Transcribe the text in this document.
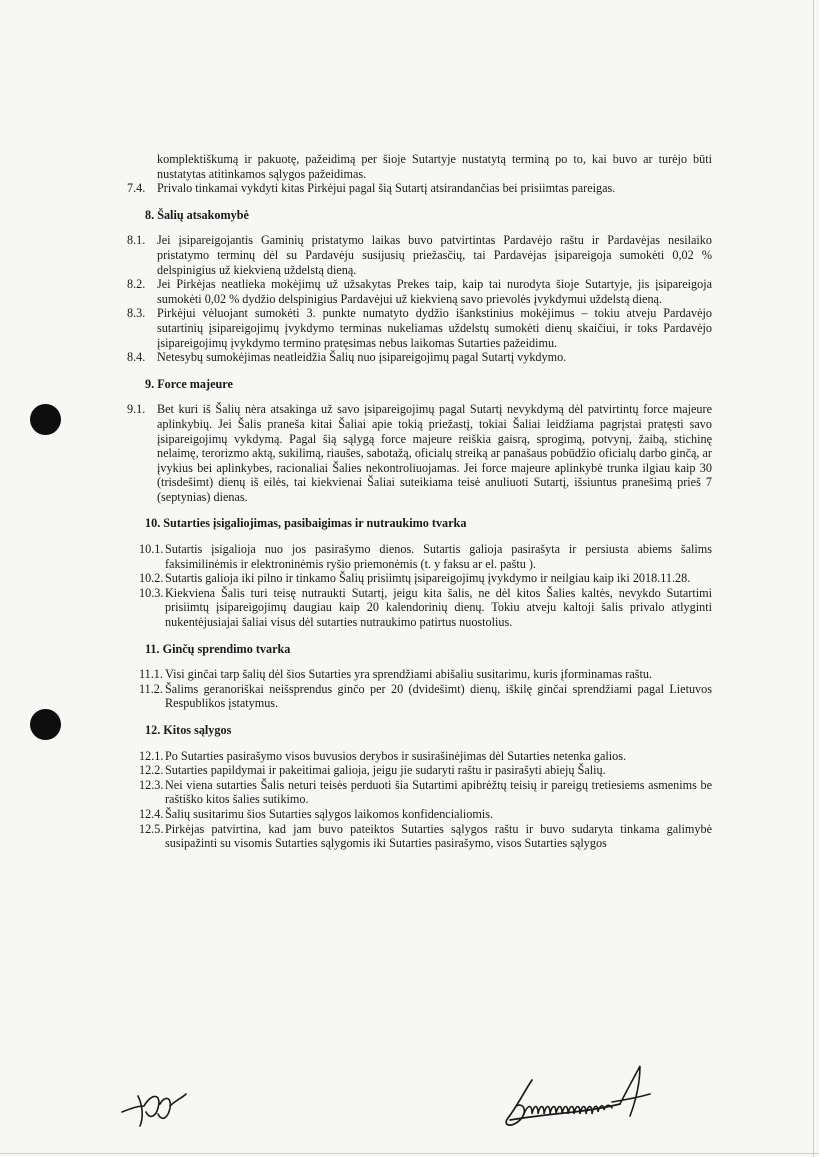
komplektiškumą ir pakuotę, pažeidimą per šioje Sutartyje nustatytą terminą po to, kai buvo ar turėjo būti nustatytas atitinkamos sąlygos pažeidimas.

7.4. Privalo tinkamai vykdyti kitas Pirkėjui pagal šią Sutartį atsirandančias bei prisiimtas pareigas.

8. Šalių atsakomybė

8.1. Jei įsipareigojantis Gaminių pristatymo laikas buvo patvirtintas Pardavėjo raštu ir Pardavėjas nesilaiko pristatymo terminų dėl su Pardavėju susijusių priežasčių, tai Pardavėjas įsipareigoja sumokėti 0,02 % delspinigius už kiekvieną uždelstą dieną.
8.2. Jei Pirkėjas neatlieka mokėjimų už užsakytas Prekes taip, kaip tai nurodyta šioje Sutartyje, jis įsipareigoja sumokėti 0,02 % dydžio delspinigius Pardavėjui už kiekvieną savo prievolės įvykdymui uždelstą dieną.
8.3. Pirkėjui vėluojant sumokėti 3. punkte numatyto dydžio išankstinius mokėjimus – tokiu atveju Pardavėjo sutartinių įsipareigojimų įvykdymo terminas nukeliamas uždelstų sumokėti dienų skaičiui, ir toks Pardavėjo įsipareigojimų įvykdymo termino pratęsimas nebus laikomas Sutarties pažeidimu.
8.4. Netesybų sumokėjimas neatleidžia Šalių nuo įsipareigojimų pagal Sutartį vykdymo.

9. Force majeure

9.1. Bet kuri iš Šalių nėra atsakinga už savo įsipareigojimų pagal Sutartį nevykdymą dėl patvirtintų force majeure aplinkybių. Jei Šalis praneša kitai Šaliai apie tokią priežastį, tokiai Šaliai leidžiama pagrįstai pratęsti savo įsipareigojimų vykdymą. Pagal šią sąlygą force majeure reiškia gaisrą, sprogimą, potvynį, žaibą, stichinę nelaimę, terorizmo aktą, sukilimą, riaušes, sabotažą, oficialų streiką ar panašaus pobūdžio oficialų darbo ginčą, ar įvykius bei aplinkybes, racionaliai Šalies nekontroliuojamas. Jei force majeure aplinkybė trunka ilgiau kaip 30 (trisdešimt) dienų iš eilės, tai kiekvienai Šaliai suteikiama teisė anuliuoti Sutartį, išsiuntus pranešimą prieš 7 (septynias) dienas.

10. Sutarties įsigaliojimas, pasibaigimas ir nutraukimo tvarka

10.1. Sutartis įsigalioja nuo jos pasirašymo dienos. Sutartis galioja pasirašyta ir persiusta abiems šalims faksimilinėmis ir elektroninėmis ryšio priemonėmis (t. y faksu ar el. paštu ).
10.2. Sutartis galioja iki pilno ir tinkamo Šalių prisiimtų įsipareigojimų įvykdymo ir neilgiau kaip iki 2018.11.28.
10.3. Kiekviena Šalis turi teisę nutraukti Sutartį, jeigu kita šalis, ne dėl kitos Šalies kaltės, nevykdo Sutartimi prisiimtų įsipareigojimų daugiau kaip 20 kalendorinių dienų. Tokiu atveju kaltoji šalis privalo atlyginti nukentėjusiajai šaliai visus dėl sutarties nutraukimo patirtus nuostolius.

11. Ginčų sprendimo tvarka

11.1. Visi ginčai tarp šalių dėl šios Sutarties yra sprendžiami abišaliu susitarimu, kuris įforminamas raštu.
11.2. Šalims geranoriškai neišsprendus ginčo per 20 (dvidešimt) dienų, iškilę ginčai sprendžiami pagal Lietuvos Respublikos įstatymus.

12. Kitos sąlygos

12.1. Po Sutarties pasirašymo visos buvusios derybos ir susirašinėjimas dėl Sutarties netenka galios.
12.2. Sutarties papildymai ir pakeitimai galioja, jeigu jie sudaryti raštu ir pasirašyti abiejų Šalių.
12.3. Nei viena sutarties Šalis neturi teisės perduoti šia Sutartimi apibrėžtų teisių ir pareigų tretiesiems asmenims be raštiško kitos šalies sutikimo.
12.4. Šalių susitarimu šios Sutarties sąlygos laikomos konfidencialiomis.
12.5. Pirkėjas patvirtina, kad jam buvo pateiktos Sutarties sąlygos raštu ir buvo sudaryta tinkama galimybė susipažinti su visomis Sutarties sąlygomis iki Sutarties pasirašymo, visos Sutarties sąlygos
